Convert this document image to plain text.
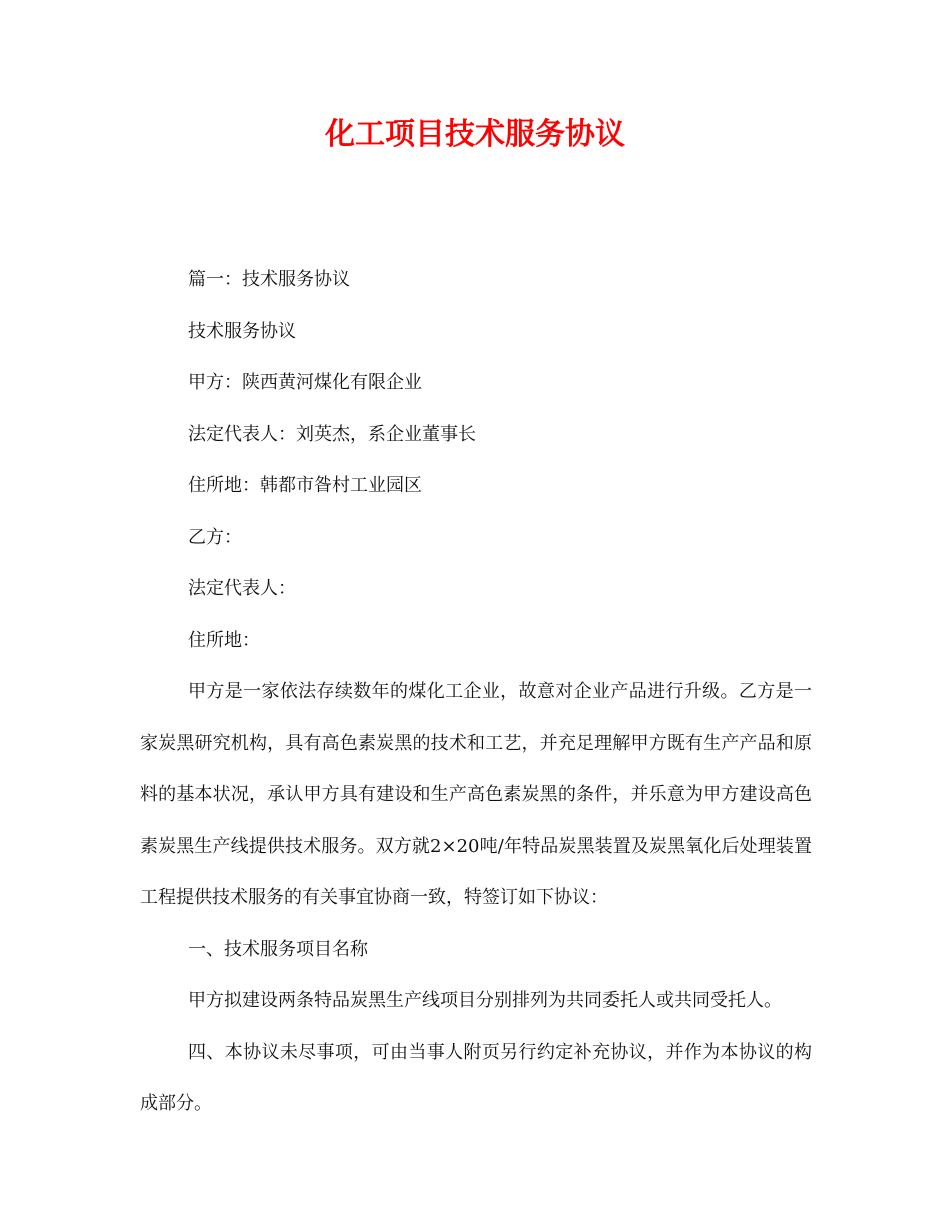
化工项目技术服务协议

篇一：技术服务协议

技术服务协议

甲方：陕西黄河煤化有限企业

法定代表人：刘英杰，系企业董事长

住所地：韩都市昝村工业园区

乙方：

法定代表人：

住所地：

甲方是一家依法存续数年的煤化工企业，故意对企业产品进行升级。乙方是一家炭黑研究机构，具有高色素炭黑的技术和工艺，并充足理解甲方既有生产产品和原料的基本状况，承认甲方具有建设和生产高色素炭黑的条件，并乐意为甲方建设高色素炭黑生产线提供技术服务。双方就2×20吨/年特品炭黑装置及炭黑氧化后处理装置工程提供技术服务的有关事宜协商一致，特签订如下协议：

一、技术服务项目名称

甲方拟建设两条特品炭黑生产线项目分别排列为共同委托人或共同受托人。

四、本协议未尽事项，可由当事人附页另行约定补充协议，并作为本协议的构成部分。
